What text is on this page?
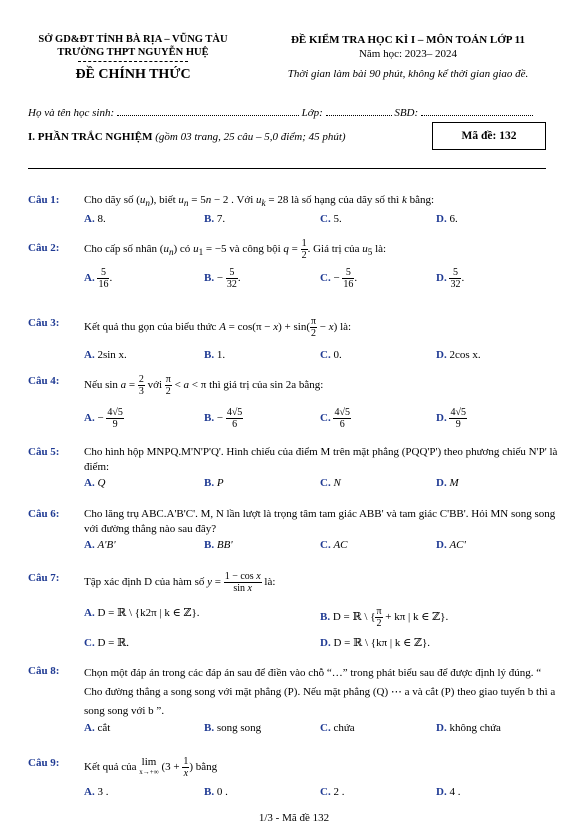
SỞ GD&ĐT TỈNH BÀ RỊA – VŨNG TÀU
TRƯỜNG THPT NGUYỄN HUỆ
ĐỀ CHÍNH THỨC
ĐỀ KIỂM TRA HỌC KÌ I – MÔN TOÁN LỚP 11
Năm học: 2023– 2024
Thời gian làm bài 90 phút, không kể thời gian giao đề.
Họ và tên học sinh:	Lớp:	SBD:
I. PHẦN TRẮC NGHIỆM (gồm 03 trang, 25 câu – 5,0 điểm; 45 phút)	Mã đề: 132
Câu 1: Cho dãy số $(u_n)$, biết $u_n = 5n - 2$ . Với $u_k = 28$ là số hạng của dãy số thì k bằng:
A. 8.	B. 7.	C. 5.	D. 6.
Câu 2: Cho cấp số nhân $(u_n)$ có $u_1 = -5$ và công bội $q = \frac{1}{2}$ . Giá trị của $u_5$ là:
A. $\frac{5}{16}$ .	B. − $\frac{5}{32}$ .	C. − $\frac{5}{16}$ .	D. $\frac{5}{32}$ .
Câu 3: Kết quả thu gọn của biểu thức $A = \cos(\pi - x) + \sin( \frac{\pi}{2} - x)$ là:
A. 2sin x.	B. 1.	C. 0.	D. 2cos x.
Câu 4: Nếu $\sin a = \frac{2}{3}$ với $\frac{\pi}{2} < a < \pi$ thì giá trị của sin 2a bằng:
A. − $\frac{4√5}{9}$	B. − $\frac{4√5}{6}$	C. $\frac{4√5}{6}$	D. $\frac{4√5}{9}$
Câu 5: Cho hình hộp MNPQ.M'N'P'Q'. Hình chiếu của điểm M trên mặt phẳng (PQQ'P') theo phương chiếu N'P' là điểm:
A. Q	B. P	C. N	D. M
Câu 6: Cho lăng trụ ABC.A'B'C'. M, N lần lượt là trọng tâm tam giác ABB' và tam giác C'BB'. Hỏi MN song song với đường thẳng nào sau đây?
A. A'B'	B. BB'	C. AC	D. AC'
Câu 7: Tập xác định D của hàm số $y = \frac{\text{1 − cos x}}{\text{sin x}}$ là:
A. D = ℝ \ {k2π | k ∈ ℤ}.	B. D = ℝ \ { $\frac{\pi}{2} + k\pi$ | k ∈ ℤ}.
C. D = ℝ.	D. D = ℝ \ {kπ | k ∈ ℤ}.
Câu 8: Chọn một đáp án trong các đáp án sau để điền vào chỗ “…” trong phát biểu sau để được định lý đúng. “ Cho đường thẳng a song song với mặt phẳng (P). Nếu mặt phẳng (Q) ⋯ a và cắt (P) theo giao tuyến b thì a song song với b ”.
A. cắt	B. song song	C. chứa	D. không chứa
Câu 9: Kết quả của lim
x→+∞ ($3 + \frac{1}{x}$ ) bằng
A. 3 .	B. 0 .	C. 2 .	D. 4 .
1/3 - Mã đề 132
